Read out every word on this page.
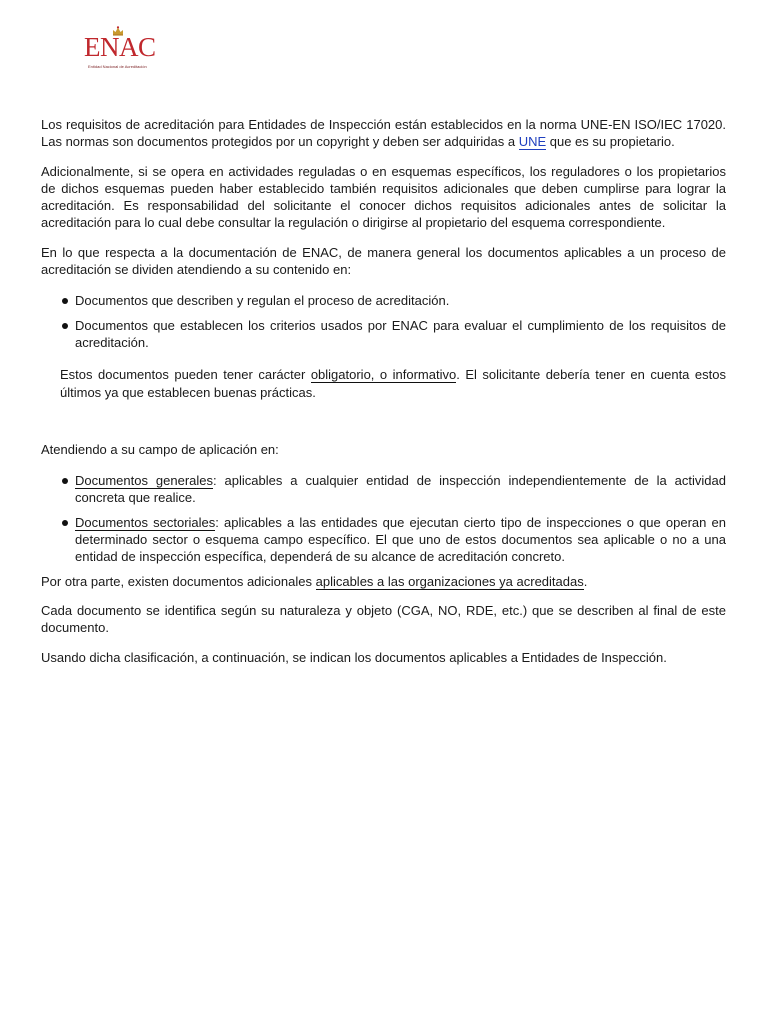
ENAC
Entidad Nacional de Acreditación

Los requisitos de acreditación para Entidades de Inspección están establecidos en la norma UNE-EN ISO/IEC 17020. Las normas son documentos protegidos por un copyright y deben ser adquiridas a UNE que es su propietario.

Adicionalmente, si se opera en actividades reguladas o en esquemas específicos, los reguladores o los propietarios de dichos esquemas pueden haber establecido también requisitos adicionales que deben cumplirse para lograr la acreditación. Es responsabilidad del solicitante el conocer dichos requisitos adicionales antes de solicitar la acreditación para lo cual debe consultar la regulación o dirigirse al propietario del esquema correspondiente.

En lo que respecta a la documentación de ENAC, de manera general los documentos aplicables a un proceso de acreditación se dividen atendiendo a su contenido en:

Documentos que describen y regulan el proceso de acreditación.
Documentos que establecen los criterios usados por ENAC para evaluar el cumplimiento de los requisitos de acreditación.

Estos documentos pueden tener carácter obligatorio, o informativo. El solicitante debería tener en cuenta estos últimos ya que establecen buenas prácticas.

Atendiendo a su campo de aplicación en:

Documentos generales: aplicables a cualquier entidad de inspección independientemente de la actividad concreta que realice.
Documentos sectoriales: aplicables a las entidades que ejecutan cierto tipo de inspecciones o que operan en determinado sector o esquema campo específico. El que uno de estos documentos sea aplicable o no a una entidad de inspección específica, dependerá de su alcance de acreditación concreto.

Por otra parte, existen documentos adicionales aplicables a las organizaciones ya acreditadas.

Cada documento se identifica según su naturaleza y objeto (CGA, NO, RDE, etc.) que se describen al final de este documento.

Usando dicha clasificación, a continuación, se indican los documentos aplicables a Entidades de Inspección.
